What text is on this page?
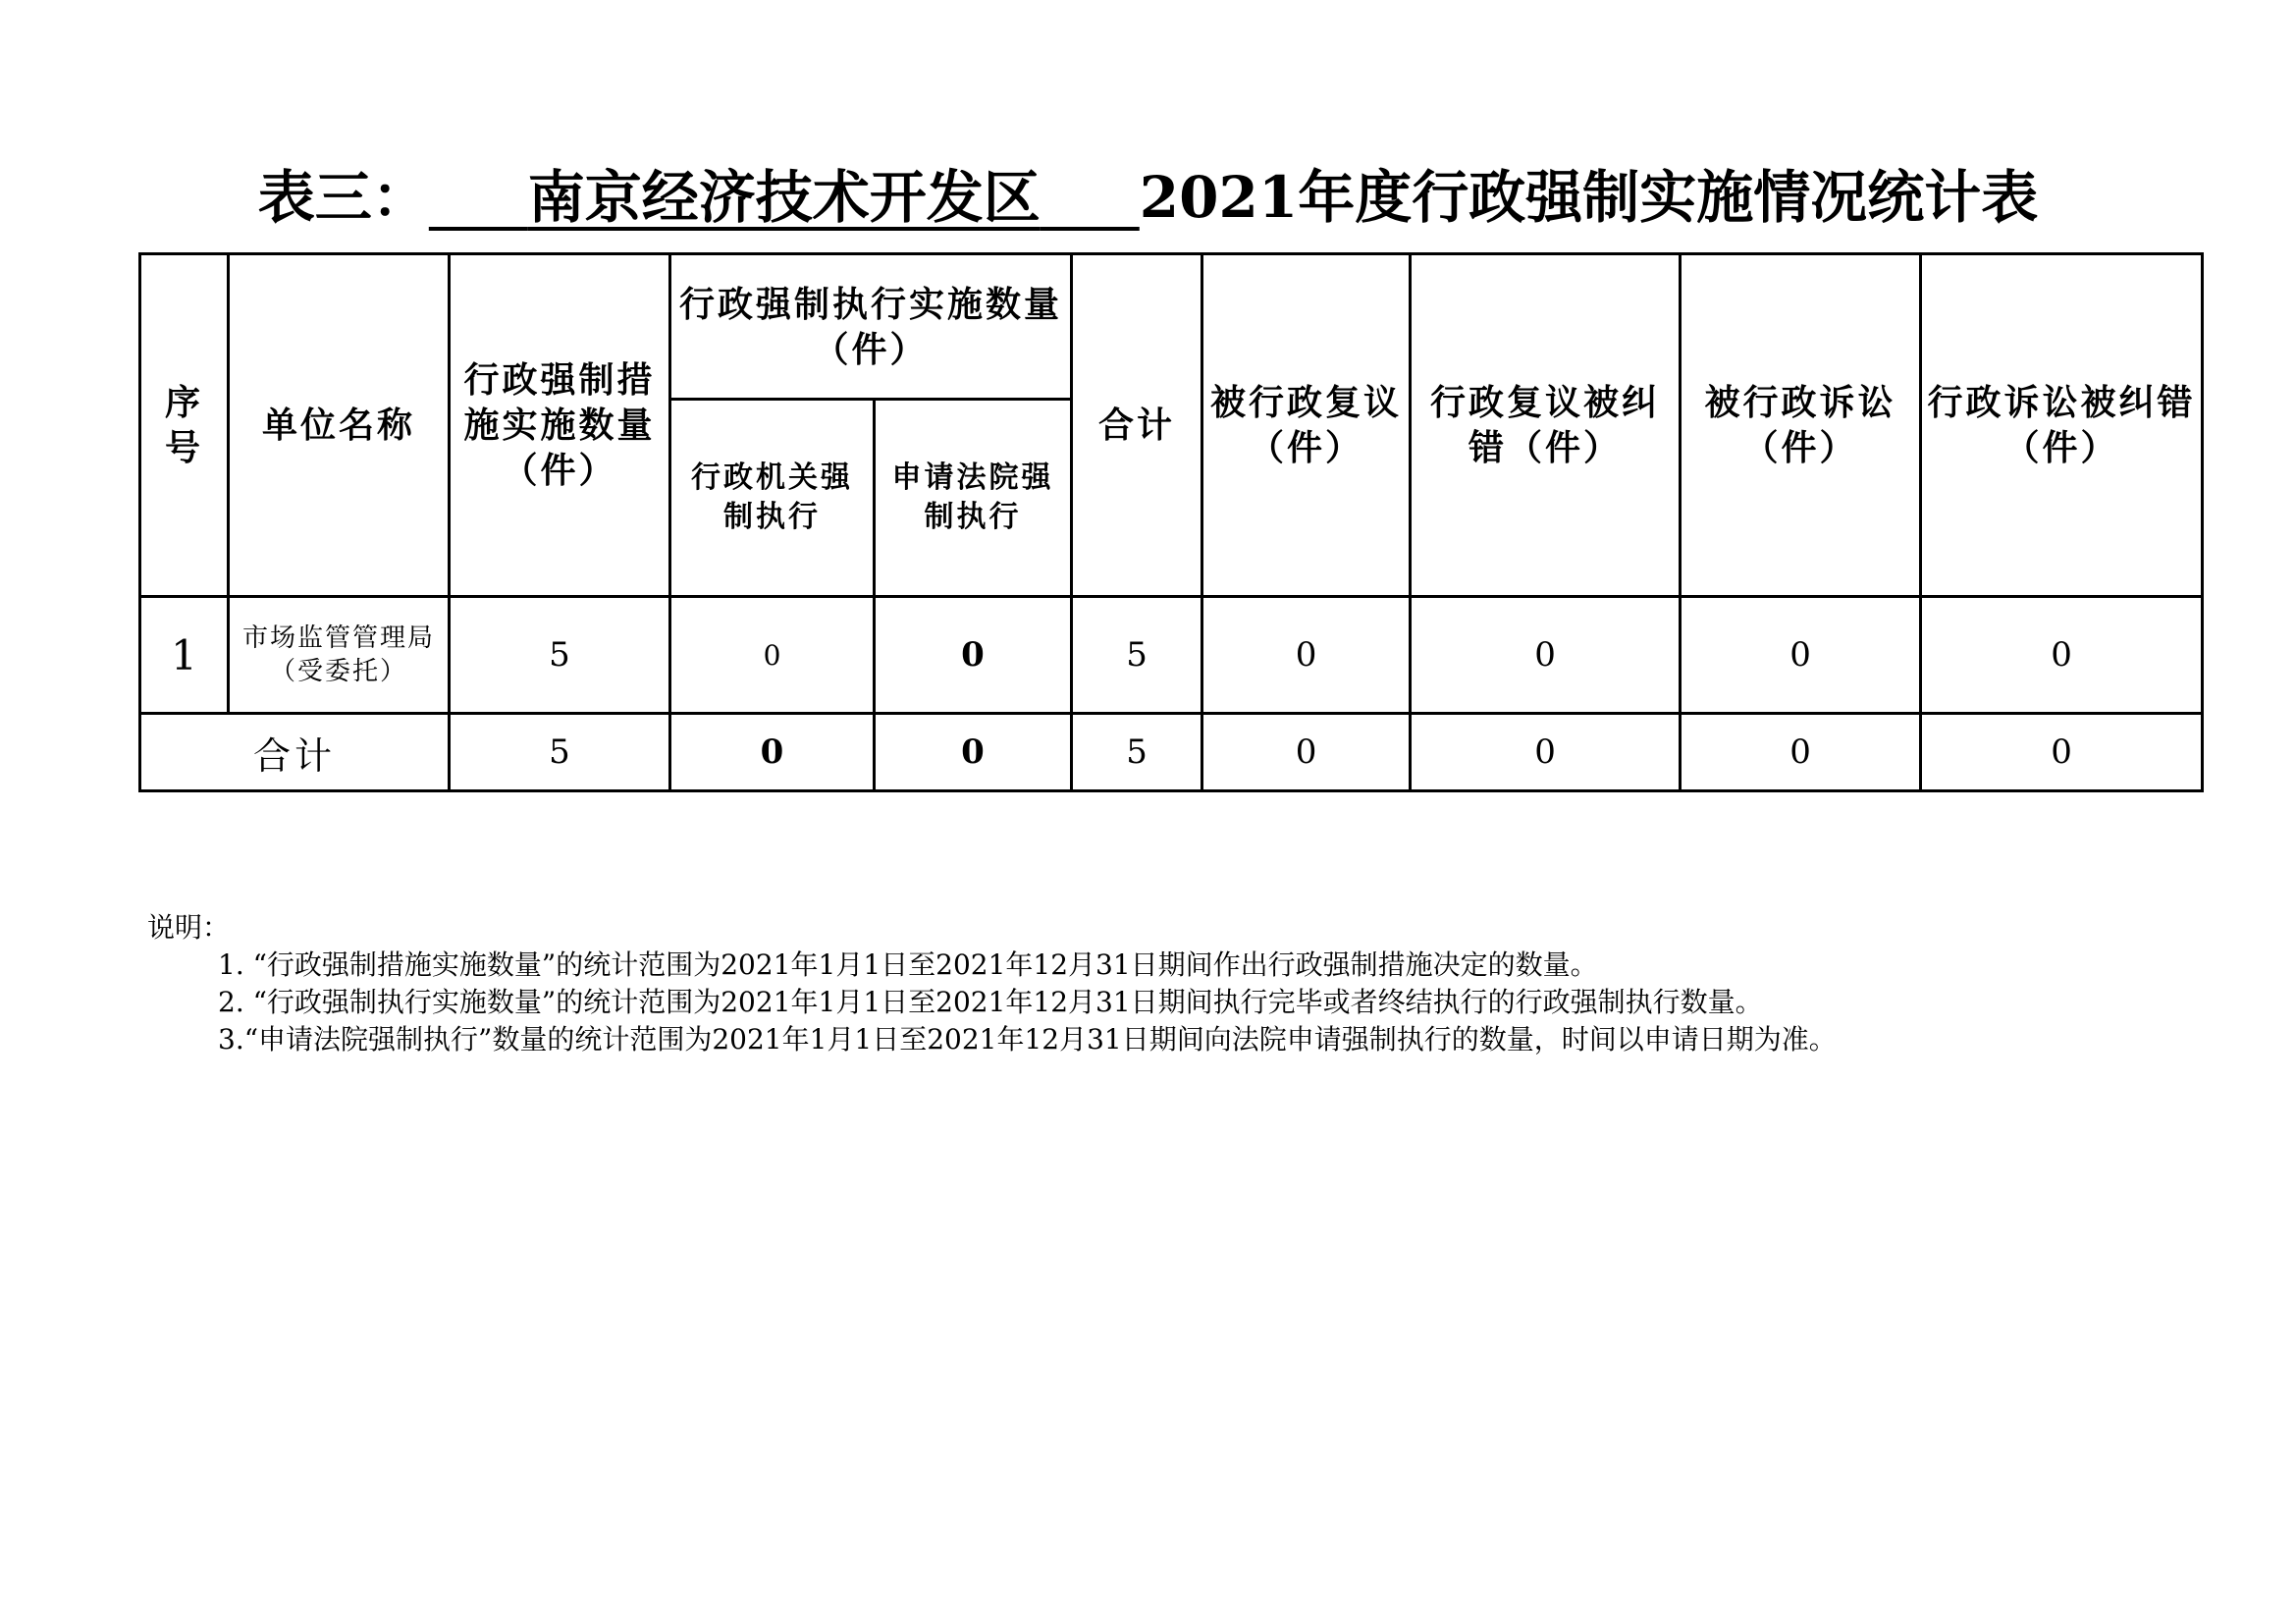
表三： 南京经济技术开发区 2021年度行政强制实施情况统计表
序号	单位名称	行政强制措施实施数量（件）	行政强制执行实施数量（件）		合计	被行政复议（件）	行政复议被纠错（件）	被行政诉讼（件）	行政诉讼被纠错（件）
			行政机关强制执行	申请法院强制执行					
1	市场监管管理局（受委托）	5	0	0	5	0	0	0	0
合计		5	0	0	5	0	0	0	0
说明：
1. “行政强制措施实施数量”的统计范围为2021年1月1日至2021年12月31日期间作出行政强制措施决定的数量。
2. “行政强制执行实施数量”的统计范围为2021年1月1日至2021年12月31日期间执行完毕或者终结执行的行政强制执行数量。
3.“申请法院强制执行”数量的统计范围为2021年1月1日至2021年12月31日期间向法院申请强制执行的数量，时间以申请日期为准。
